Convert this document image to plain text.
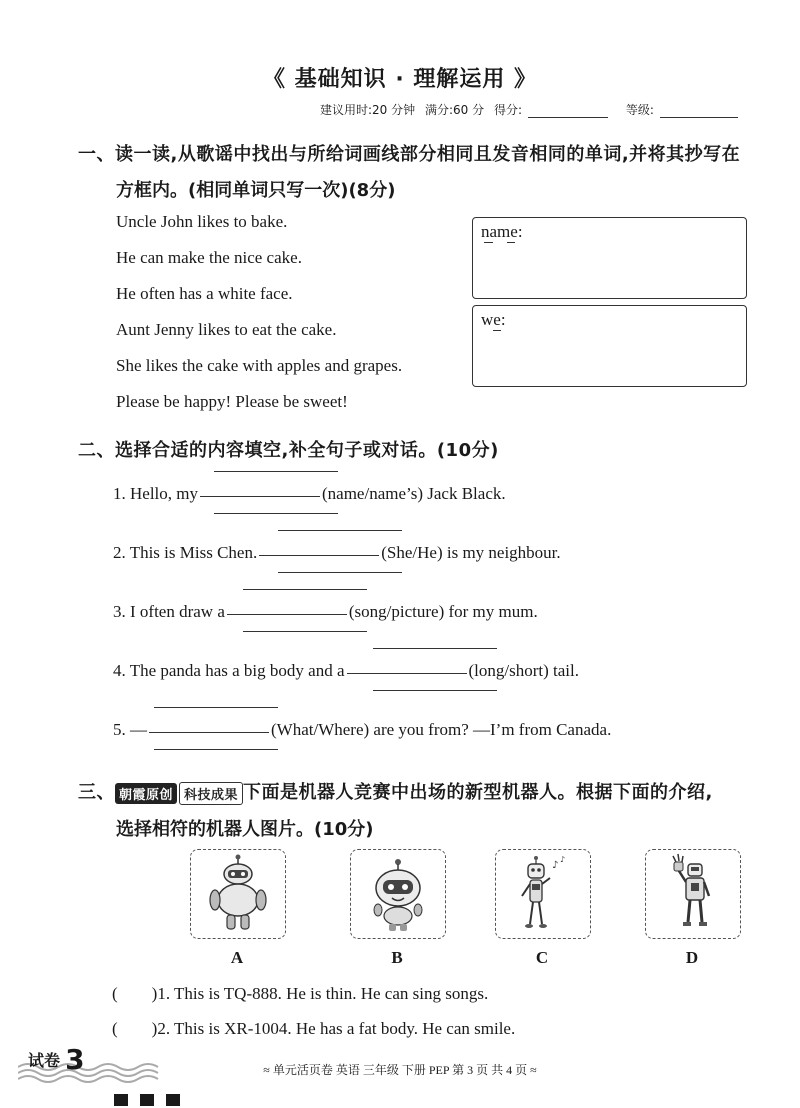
《 基础知识 · 理解运用 》
建议用时:20 分钟 满分:60 分 得分:	等级:
一、读一读,从歌谣中找出与所给词画线部分相同且发音相同的单词,并将其抄写在
方框内。(相同单词只写一次)(8分)
Uncle John likes to bake.
He can make the nice cake.
He often has a white face.
Aunt Jenny likes to eat the cake.
She likes the cake with apples and grapes.
Please be happy! Please be sweet!
name:
we:
二、选择合适的内容填空,补全句子或对话。(10分)
1. Hello, my	(name/name’s) Jack Black.
2. This is Miss Chen.	(She/He) is my neighbour.
3. I often draw a	(song/picture) for my mum.
4. The panda has a big body and a	(long/short) tail.
5. —	(What/Where) are you from? —I’m from Canada.
三、 朝霞原创 科技成果 下面是机器人竞赛中出场的新型机器人。根据下面的介绍,
选择相符的机器人图片。(10分)
♪
♪
A	B	C	D
( )1. This is TQ-888. He is thin. He can sing songs.
( )2. This is XR-1004. He has a fat body. He can smile.
试卷 3	≈ 单元活页卷 英语 三年级 下册 PEP 第 3 页 共 4 页 ≈
